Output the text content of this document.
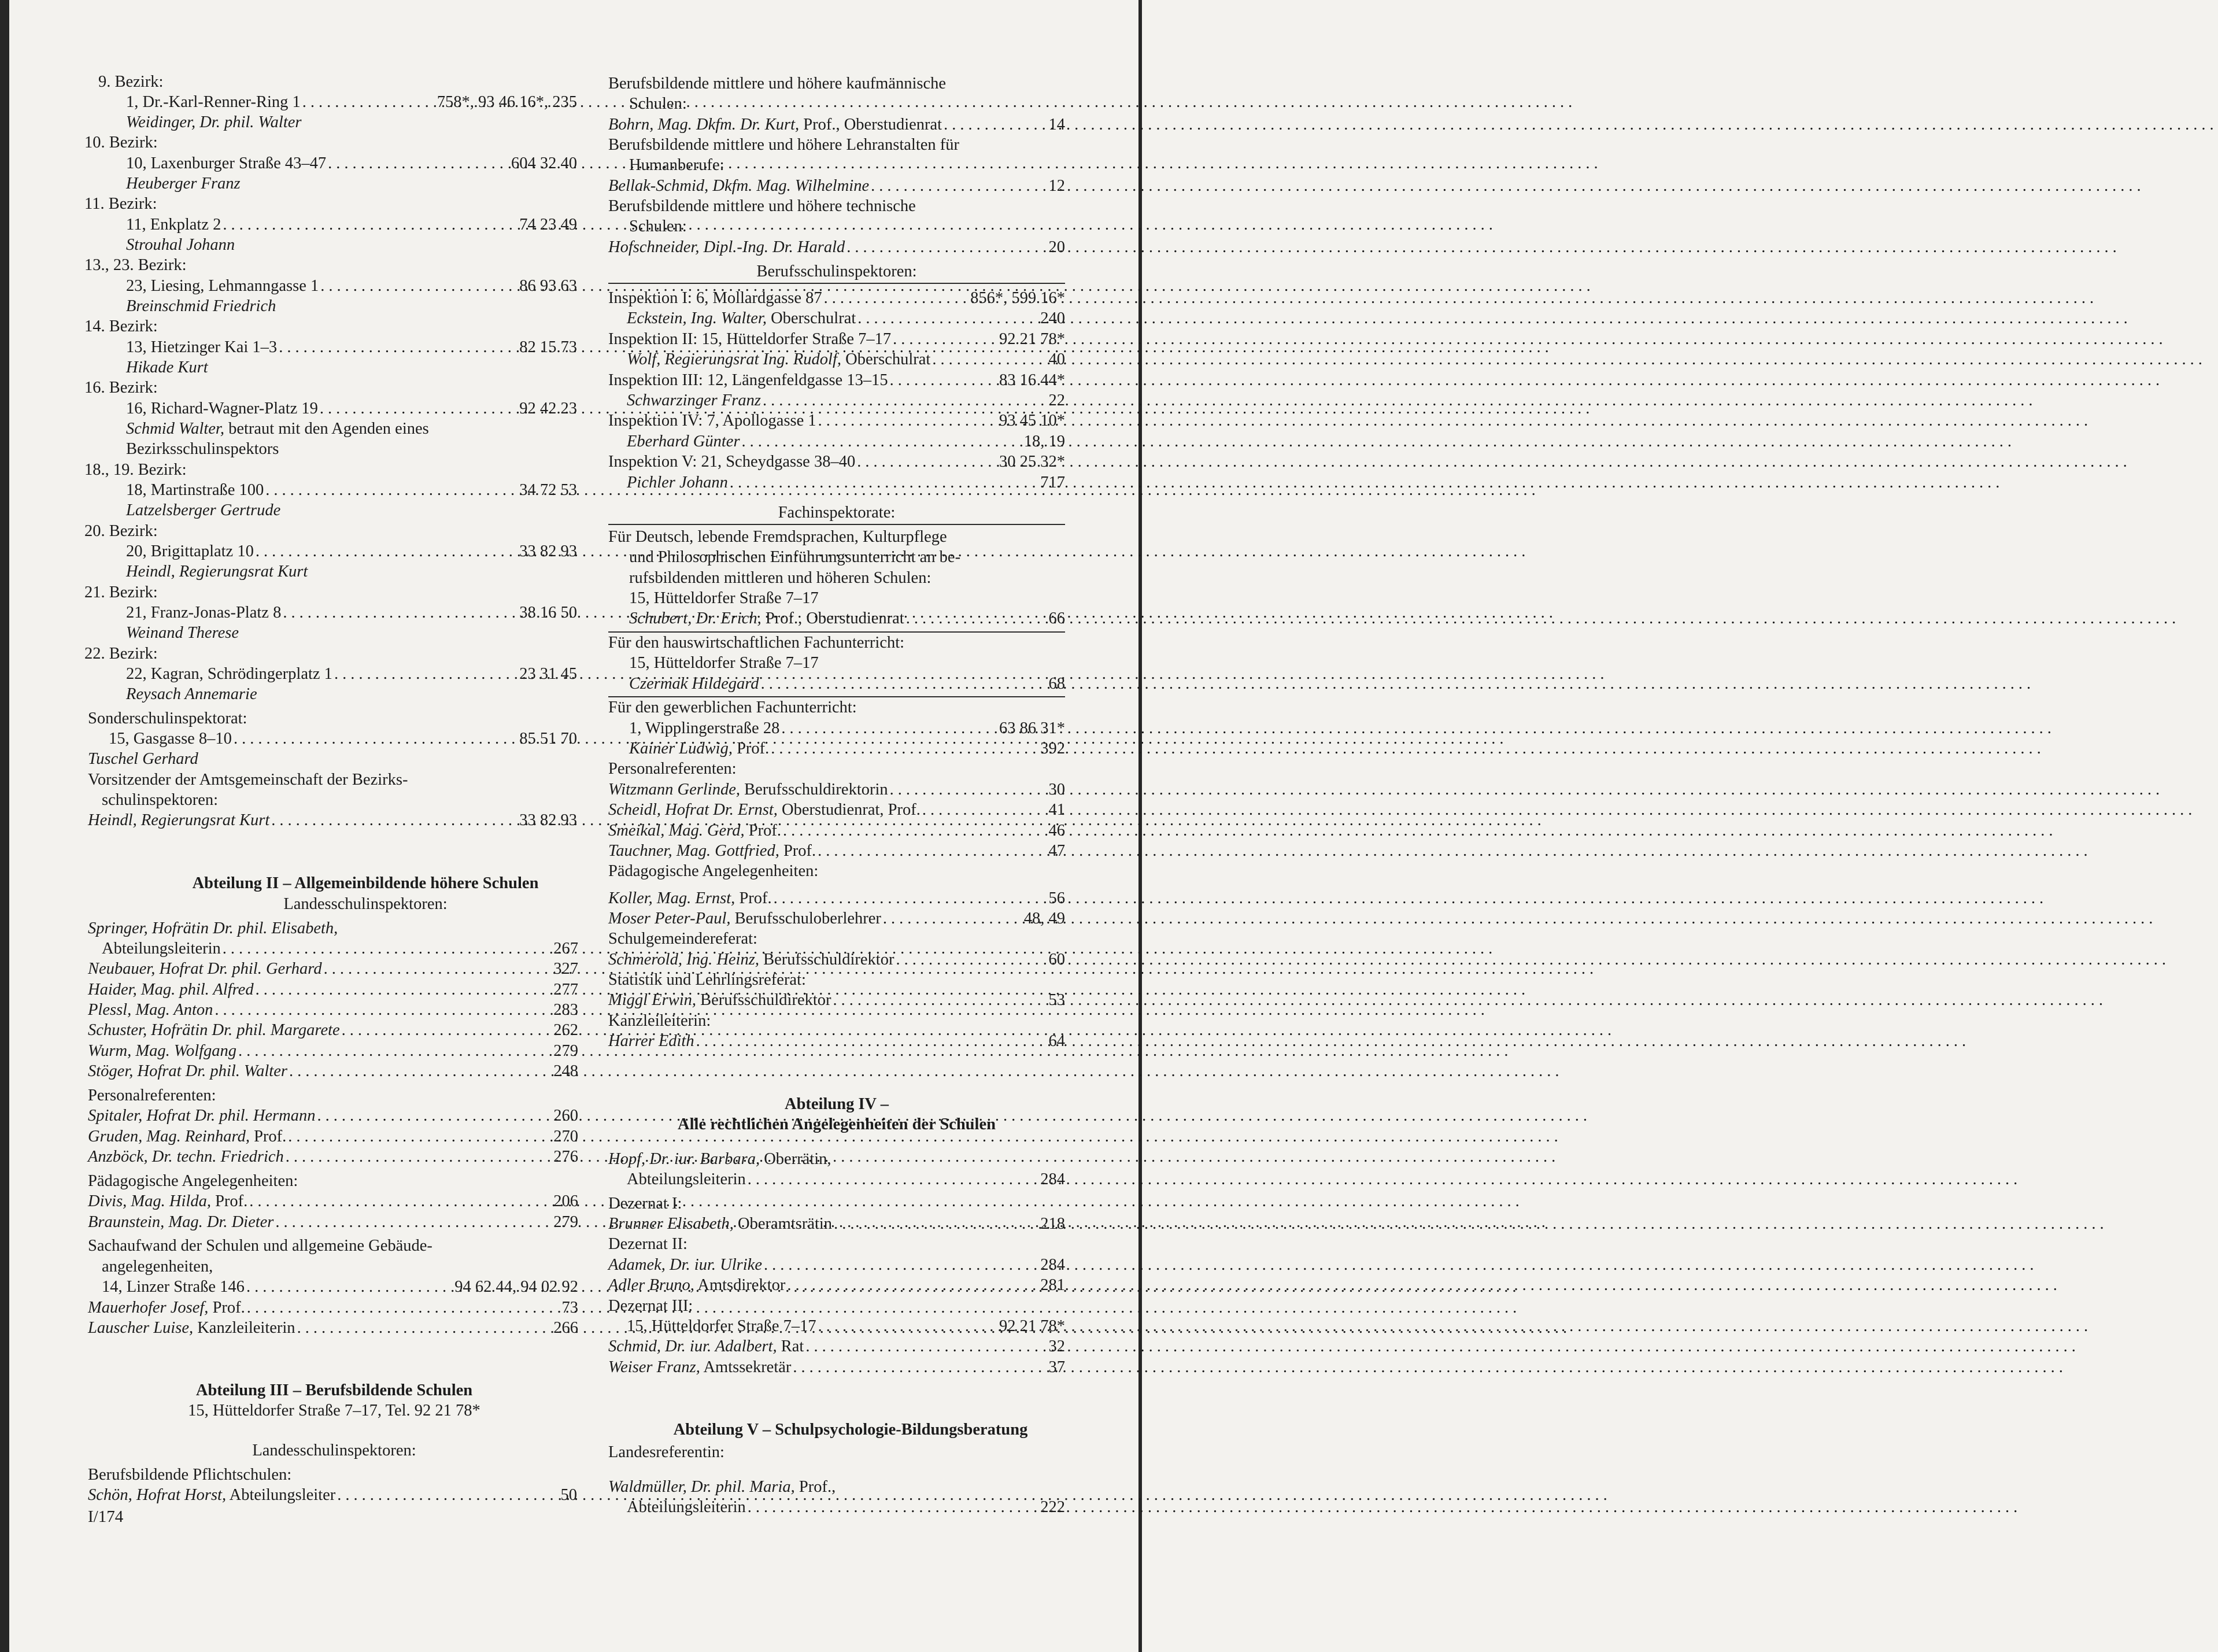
9. Bezirk:
1, Dr.-Karl-Renner-Ring 1 .....	758*, 93 46 16*, 235
Weidinger, Dr. phil. Walter
10. Bezirk:
10, Laxenburger Straße 43–47 .....	604 32 40
Heuberger Franz
11. Bezirk:
11, Enkplatz 2 .....	74 23 49
Strouhal Johann
13., 23. Bezirk:
23, Liesing, Lehmanngasse 1 .....	86 93 63
Breinschmid Friedrich
14. Bezirk:
13, Hietzinger Kai 1–3 .....	82 15 73
Hikade Kurt
16. Bezirk:
16, Richard-Wagner-Platz 19 .....	92 42 23
Schmid Walter, betraut mit den Agenden eines
Bezirksschulinspektors
18., 19. Bezirk:
18, Martinstraße 100 .....	34 72 53
Latzelsberger Gertrude
20. Bezirk:
20, Brigittaplatz 10 .....	33 82 93
Heindl, Regierungsrat Kurt
21. Bezirk:
21, Franz-Jonas-Platz 8 .....	38 16 50
Weinand Therese
22. Bezirk:
22, Kagran, Schrödingerplatz 1 .....	23 31 45
Reysach Annemarie
Sonderschulinspektorat:
15, Gasgasse 8–10 .....	85 51 70
Tuschel Gerhard
Vorsitzender der Amtsgemeinschaft der Bezirks-
schulinspektoren:
Heindl, Regierungsrat Kurt .....	33 82 93
Abteilung II – Allgemeinbildende höhere Schulen
Landesschulinspektoren:
Springer, Hofrätin Dr. phil. Elisabeth,
Abteilungsleiterin .....	267
Neubauer, Hofrat Dr. phil. Gerhard .....	327
Haider, Mag. phil. Alfred .....	277
Plessl, Mag. Anton .....	283
Schuster, Hofrätin Dr. phil. Margarete .....	262
Wurm, Mag. Wolfgang .....	279
Stöger, Hofrat Dr. phil. Walter .....	248
Personalreferenten:
Spitaler, Hofrat Dr. phil. Hermann .....	260
Gruden, Mag. Reinhard, Prof. .....	270
Anzböck, Dr. techn. Friedrich .....	276
Pädagogische Angelegenheiten:
Divis, Mag. Hilda, Prof. .....	206
Braunstein, Mag. Dr. Dieter .....	279
Sachaufwand der Schulen und allgemeine Gebäude-
angelegenheiten,
14, Linzer Straße 146 .....	94 62 44, 94 02 92
Mauerhofer Josef, Prof. .....	73
Lauscher Luise, Kanzleileiterin .....	266
Abteilung III – Berufsbildende Schulen
15, Hütteldorfer Straße 7–17, Tel. 92 21 78*
Landesschulinspektoren:
Berufsbildende Pflichtschulen:
Schön, Hofrat Horst, Abteilungsleiter .....	50
I/174
Berufsbildende mittlere und höhere kaufmännische
Schulen:
Bohrn, Mag. Dkfm. Dr. Kurt, Prof., Oberstudienrat .....	14
Berufsbildende mittlere und höhere Lehranstalten für
Humanberufe:
Bellak-Schmid, Dkfm. Mag. Wilhelmine .....	12
Berufsbildende mittlere und höhere technische
Schulen:
Hofschneider, Dipl.-Ing. Dr. Harald .....	20
Berufsschulinspektoren:
Inspektion I: 6, Mollardgasse 87 .....	856*, 599 16*
Eckstein, Ing. Walter, Oberschulrat .....	240
Inspektion II: 15, Hütteldorfer Straße 7–17 .....	92 21 78*
Wolf, Regierungsrat Ing. Rudolf, Oberschulrat .....	40
Inspektion III: 12, Längenfeldgasse 13–15 .....	83 16 44*
Schwarzinger Franz .....	22
Inspektion IV: 7, Apollogasse 1 .....	93 45 10*
Eberhard Günter .....	18, 19
Inspektion V: 21, Scheydgasse 38–40 .....	30 25 32*
Pichler Johann .....	717
Fachinspektorate:
Für Deutsch, lebende Fremdsprachen, Kulturpflege
und Philosophischen Einführungsunterricht an be-
rufsbildenden mittleren und höheren Schulen:
15, Hütteldorfer Straße 7–17
Schubert, Dr. Erich, Prof., Oberstudienrat .....	66
Für den hauswirtschaftlichen Fachunterricht:
15, Hütteldorfer Straße 7–17
Czermak Hildegard .....	68
Für den gewerblichen Fachunterricht:
1, Wipplingerstraße 28 .....	63 86 31*
Kainer Ludwig, Prof. .....	392
Personalreferenten:
Witzmann Gerlinde, Berufsschuldirektorin .....	30
Scheidl, Hofrat Dr. Ernst, Oberstudienrat, Prof. .....	41
Smeikal, Mag. Gerd, Prof. .....	46
Tauchner, Mag. Gottfried, Prof. .....	47
Pädagogische Angelegenheiten:
Koller, Mag. Ernst, Prof. .....	56
Moser Peter-Paul, Berufsschuloberlehrer .....	48, 49
Schulgemeindereferat:
Schmerold, Ing. Heinz, Berufsschuldirektor .....	60
Statistik und Lehrlingsreferat:
Miggl Erwin, Berufsschuldirektor .....	53
Kanzleileiterin:
Harrer Edith .....	64
Abteilung IV –
Alle rechtlichen Angelegenheiten der Schulen
Hopf, Dr. iur. Barbara, Oberrätin,
Abteilungsleiterin .....	284
Dezernat I:
Brunner Elisabeth, Oberamtsrätin .....	218
Dezernat II:
Adamek, Dr. iur. Ulrike .....	284
Adler Bruno, Amtsdirektor .....	281
Dezernat III:
15, Hütteldorfer Straße 7–17 .....	92 21 78*
Schmid, Dr. iur. Adalbert, Rat .....	32
Weiser Franz, Amtssekretär .....	37
Abteilung V – Schulpsychologie-Bildungsberatung
Landesreferentin:
Waldmüller, Dr. phil. Maria, Prof.,
Abteilungsleiterin .....	222
